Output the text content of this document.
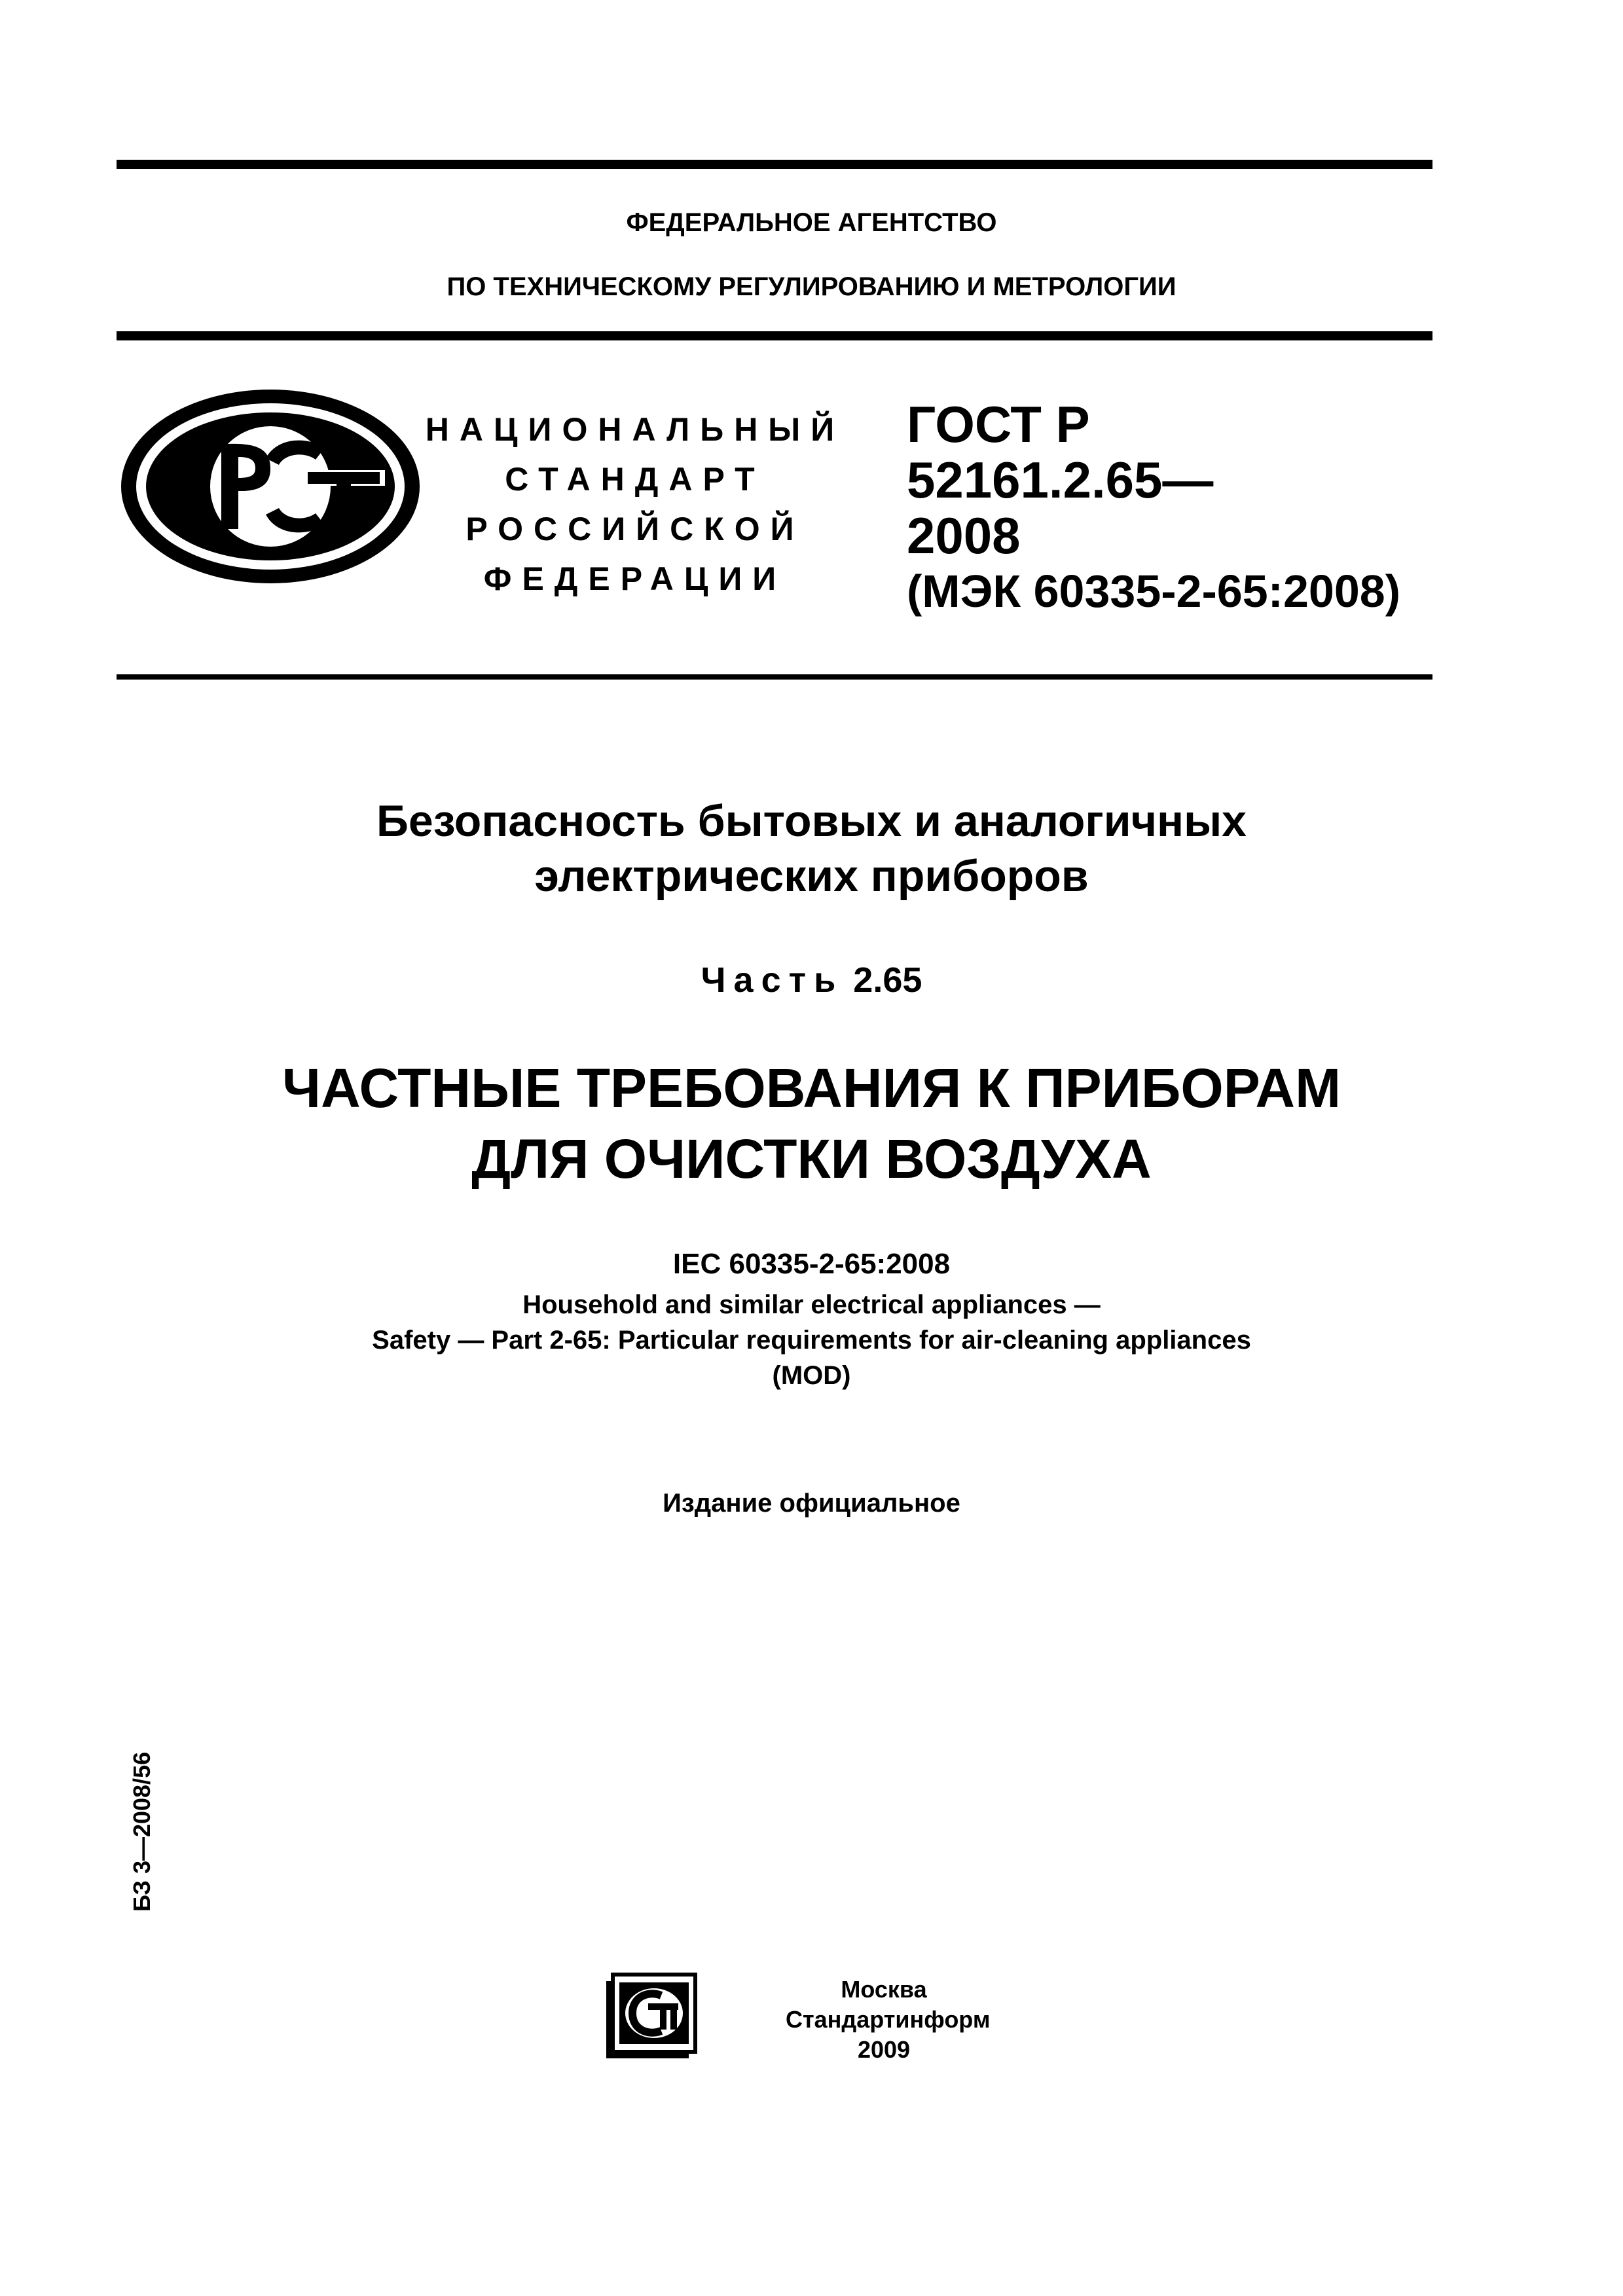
ФЕДЕРАЛЬНОЕ АГЕНТСТВО
ПО ТЕХНИЧЕСКОМУ РЕГУЛИРОВАНИЮ И МЕТРОЛОГИИ
НАЦИОНАЛЬНЫЙ
СТАНДАРТ
РОССИЙСКОЙ
ФЕДЕРАЦИИ
ГОСТ Р
52161.2.65—
2008
(МЭК 60335-2-65:2008)
Безопасность бытовых и аналогичных
электрических приборов
Часть 2.65
ЧАСТНЫЕ ТРЕБОВАНИЯ К ПРИБОРАМ
ДЛЯ ОЧИСТКИ ВОЗДУХА
IEC 60335-2-65:2008
Household and similar electrical appliances —
Safety — Part 2-65: Particular requirements for air-cleaning appliances
(MOD)
Издание официальное
БЗ 3—2008/56
Москва
Стандартинформ
2009
